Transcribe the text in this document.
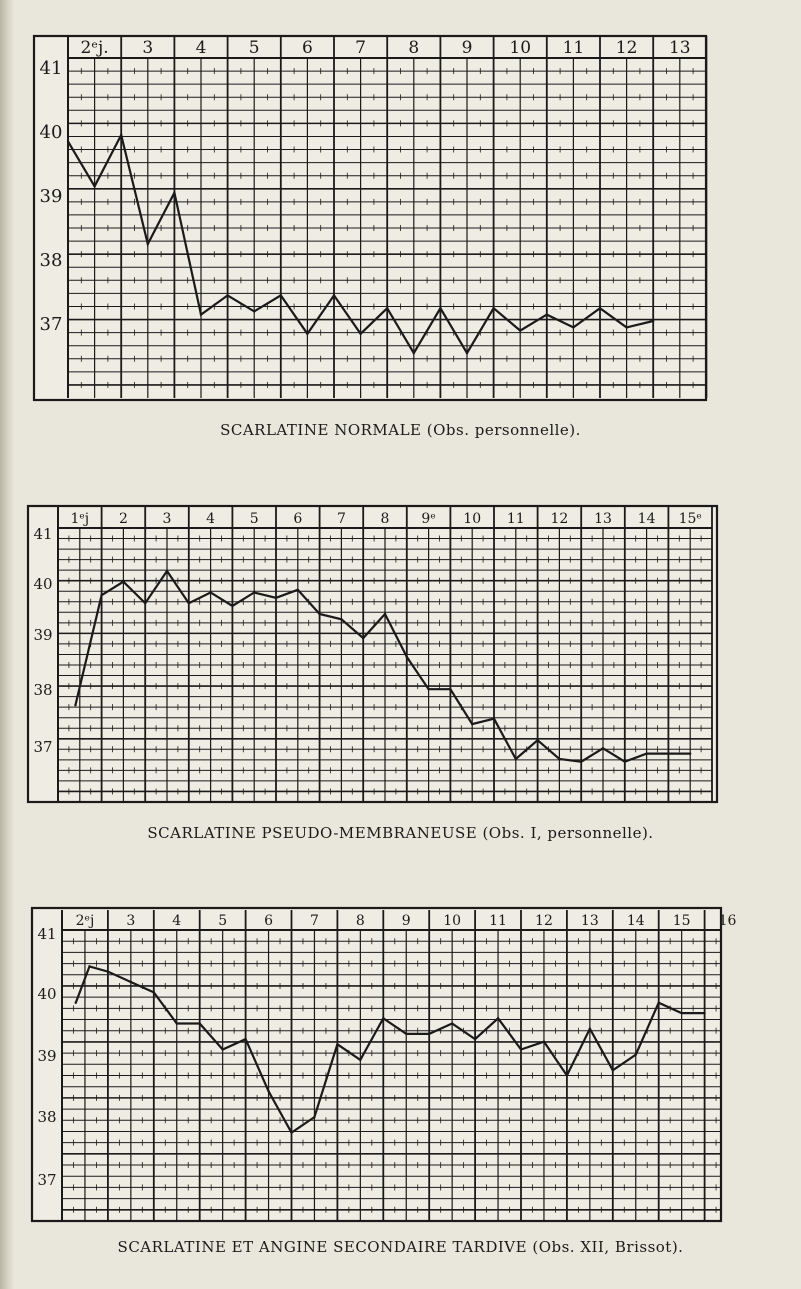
2ᵉj. 3 4 5 6 7 8 9 10 11 12 13
41
40
39
38
37
1ᵉj 2 3 4 5 6 7 8 9ᵉ 10 11 12 13 14 15ᵉ
41
40
39
38
37
2ᵉj 3	4	5	6	7	8	9 10 11 12 13 14 15 16
41
40
39
38
37
SCARLATINE NORMALE (Obs. personnelle).
SCARLATINE PSEUDO-MEMBRANEUSE (Obs. I, personnelle).
SCARLATINE ET ANGINE SECONDAIRE TARDIVE (Obs. XII, Brissot).
